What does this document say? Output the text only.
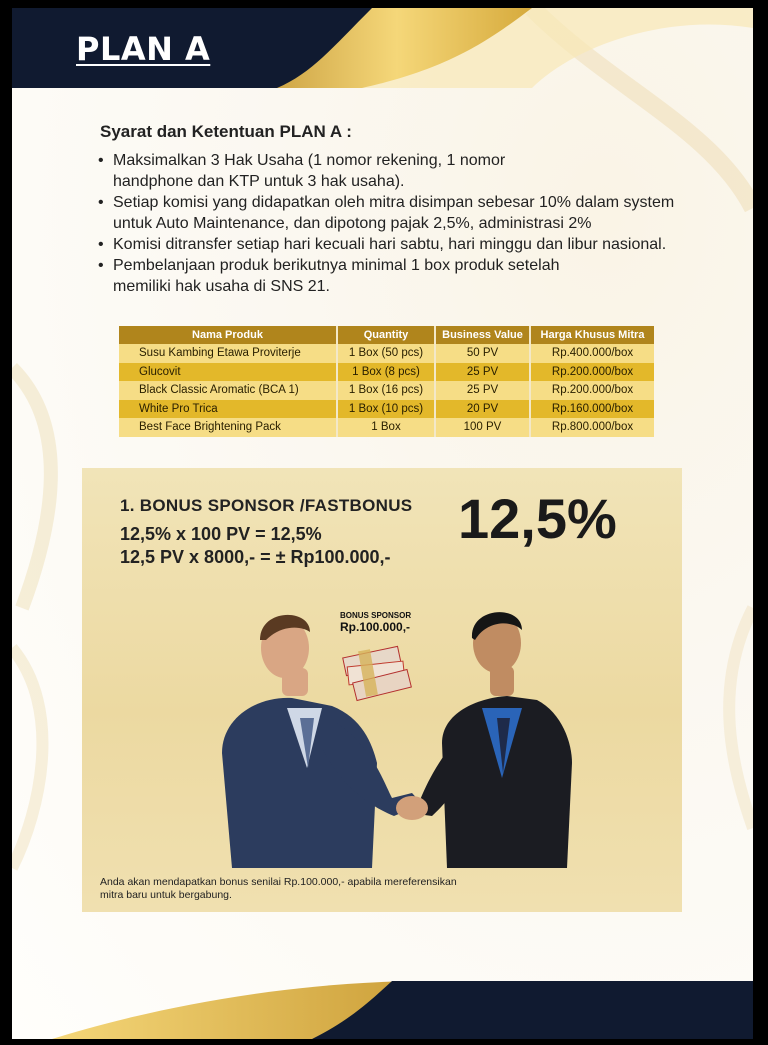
PLAN A
Syarat dan Ketentuan PLAN A :
• Maksimalkan 3 Hak Usaha (1 nomor rekening, 1 nomor handphone dan KTP untuk 3 hak usaha).
• Setiap komisi yang didapatkan oleh mitra disimpan sebesar 10% dalam system untuk Auto Maintenance, dan dipotong pajak 2,5%, administrasi 2%
• Komisi ditransfer setiap hari kecuali hari sabtu, hari minggu dan libur nasional.
• Pembelanjaan produk berikutnya minimal 1 box produk setelah memiliki hak usaha di SNS 21.
Nama Produk	Quantity	Business Value	Harga Khusus Mitra
Susu Kambing Etawa Proviterje	1 Box (50 pcs)	50 PV	Rp.400.000/box
Glucovit	1 Box (8 pcs)	25 PV	Rp.200.000/box
Black Classic Aromatic (BCA 1)	1 Box (16 pcs)	25 PV	Rp.200.000/box
White Pro Trica	1 Box (10 pcs)	20 PV	Rp.160.000/box
Best Face Brightening Pack	1 Box	100 PV	Rp.800.000/box
1. BONUS SPONSOR /FASTBONUS
12,5% x 100 PV = 12,5%
12,5 PV x 8000,- = ± Rp100.000,-
12,5%
BONUS SPONSOR
Rp.100.000,-
Anda akan mendapatkan bonus senilai Rp.100.000,- apabila mereferensikan mitra baru untuk bergabung.
